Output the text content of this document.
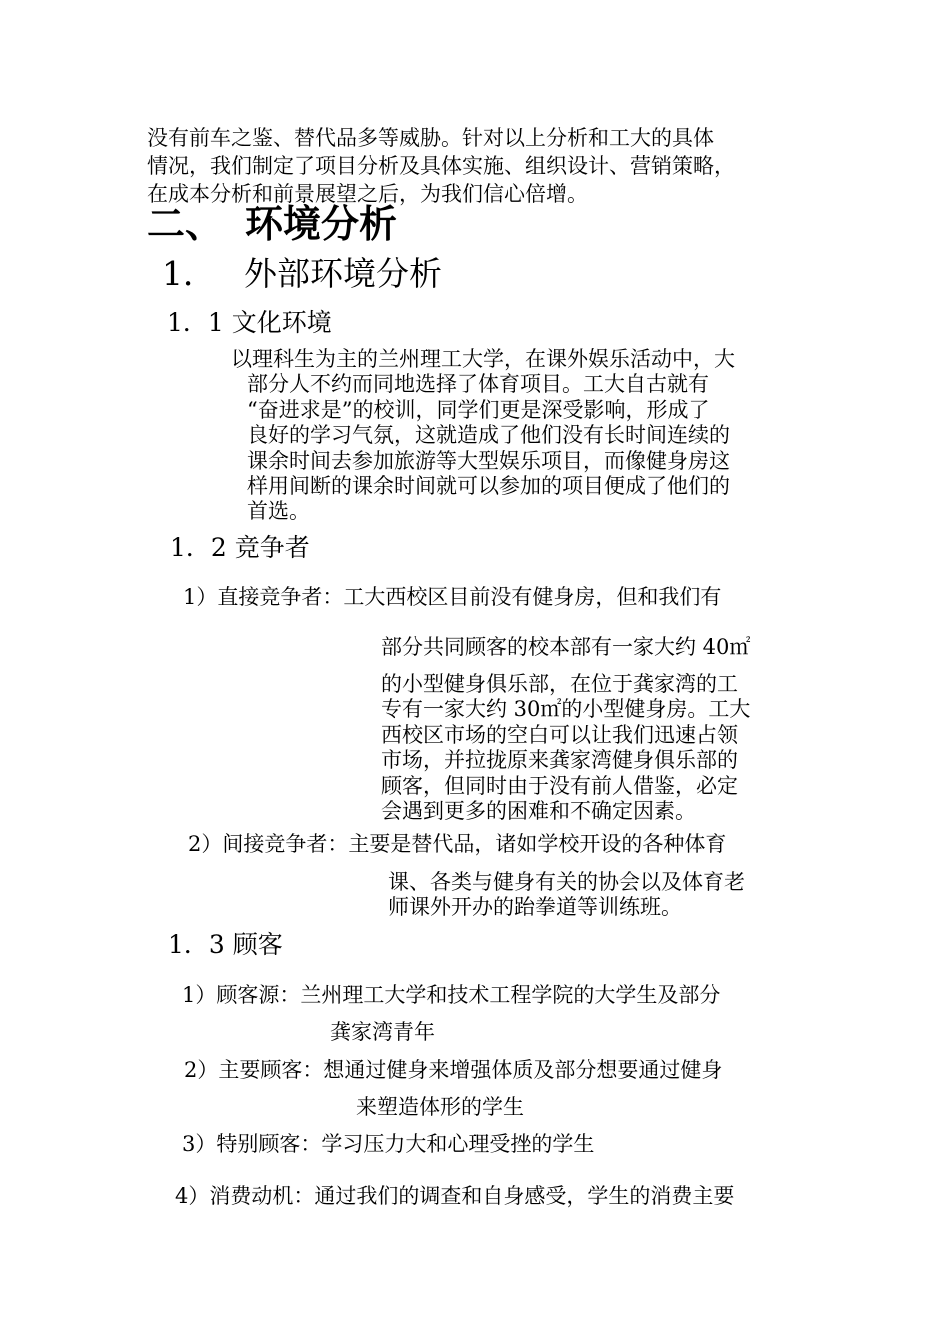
没有前车之鉴、替代品多等威胁。针对以上分析和工大的具体
情况，我们制定了项目分析及具体实施、组织设计、营销策略，
在成本分析和前景展望之后，为我们信心倍增。
二、 环境分析
1． 外部环境分析
1．1 文化环境
以理科生为主的兰州理工大学，在课外娱乐活动中，大
部分人不约而同地选择了体育项目。工大自古就有
“奋进求是”的校训，同学们更是深受影响，形成了
良好的学习气氛，这就造成了他们没有长时间连续的
课余时间去参加旅游等大型娱乐项目，而像健身房这
样用间断的课余时间就可以参加的项目便成了他们的
首选。
1．2 竞争者
1）直接竞争者：工大西校区目前没有健身房，但和我们有
部分共同顾客的校本部有一家大约 40㎡
的小型健身俱乐部，在位于龚家湾的工
专有一家大约 30㎡的小型健身房。工大
西校区市场的空白可以让我们迅速占领
市场，并拉拢原来龚家湾健身俱乐部的
顾客，但同时由于没有前人借鉴，必定
会遇到更多的困难和不确定因素。
2）间接竞争者：主要是替代品，诸如学校开设的各种体育
课、各类与健身有关的协会以及体育老
师课外开办的跆拳道等训练班。
1．3 顾客
1）顾客源：兰州理工大学和技术工程学院的大学生及部分
龚家湾青年
2）主要顾客：想通过健身来增强体质及部分想要通过健身
来塑造体形的学生
3）特别顾客：学习压力大和心理受挫的学生
4）消费动机：通过我们的调查和自身感受，学生的消费主要
